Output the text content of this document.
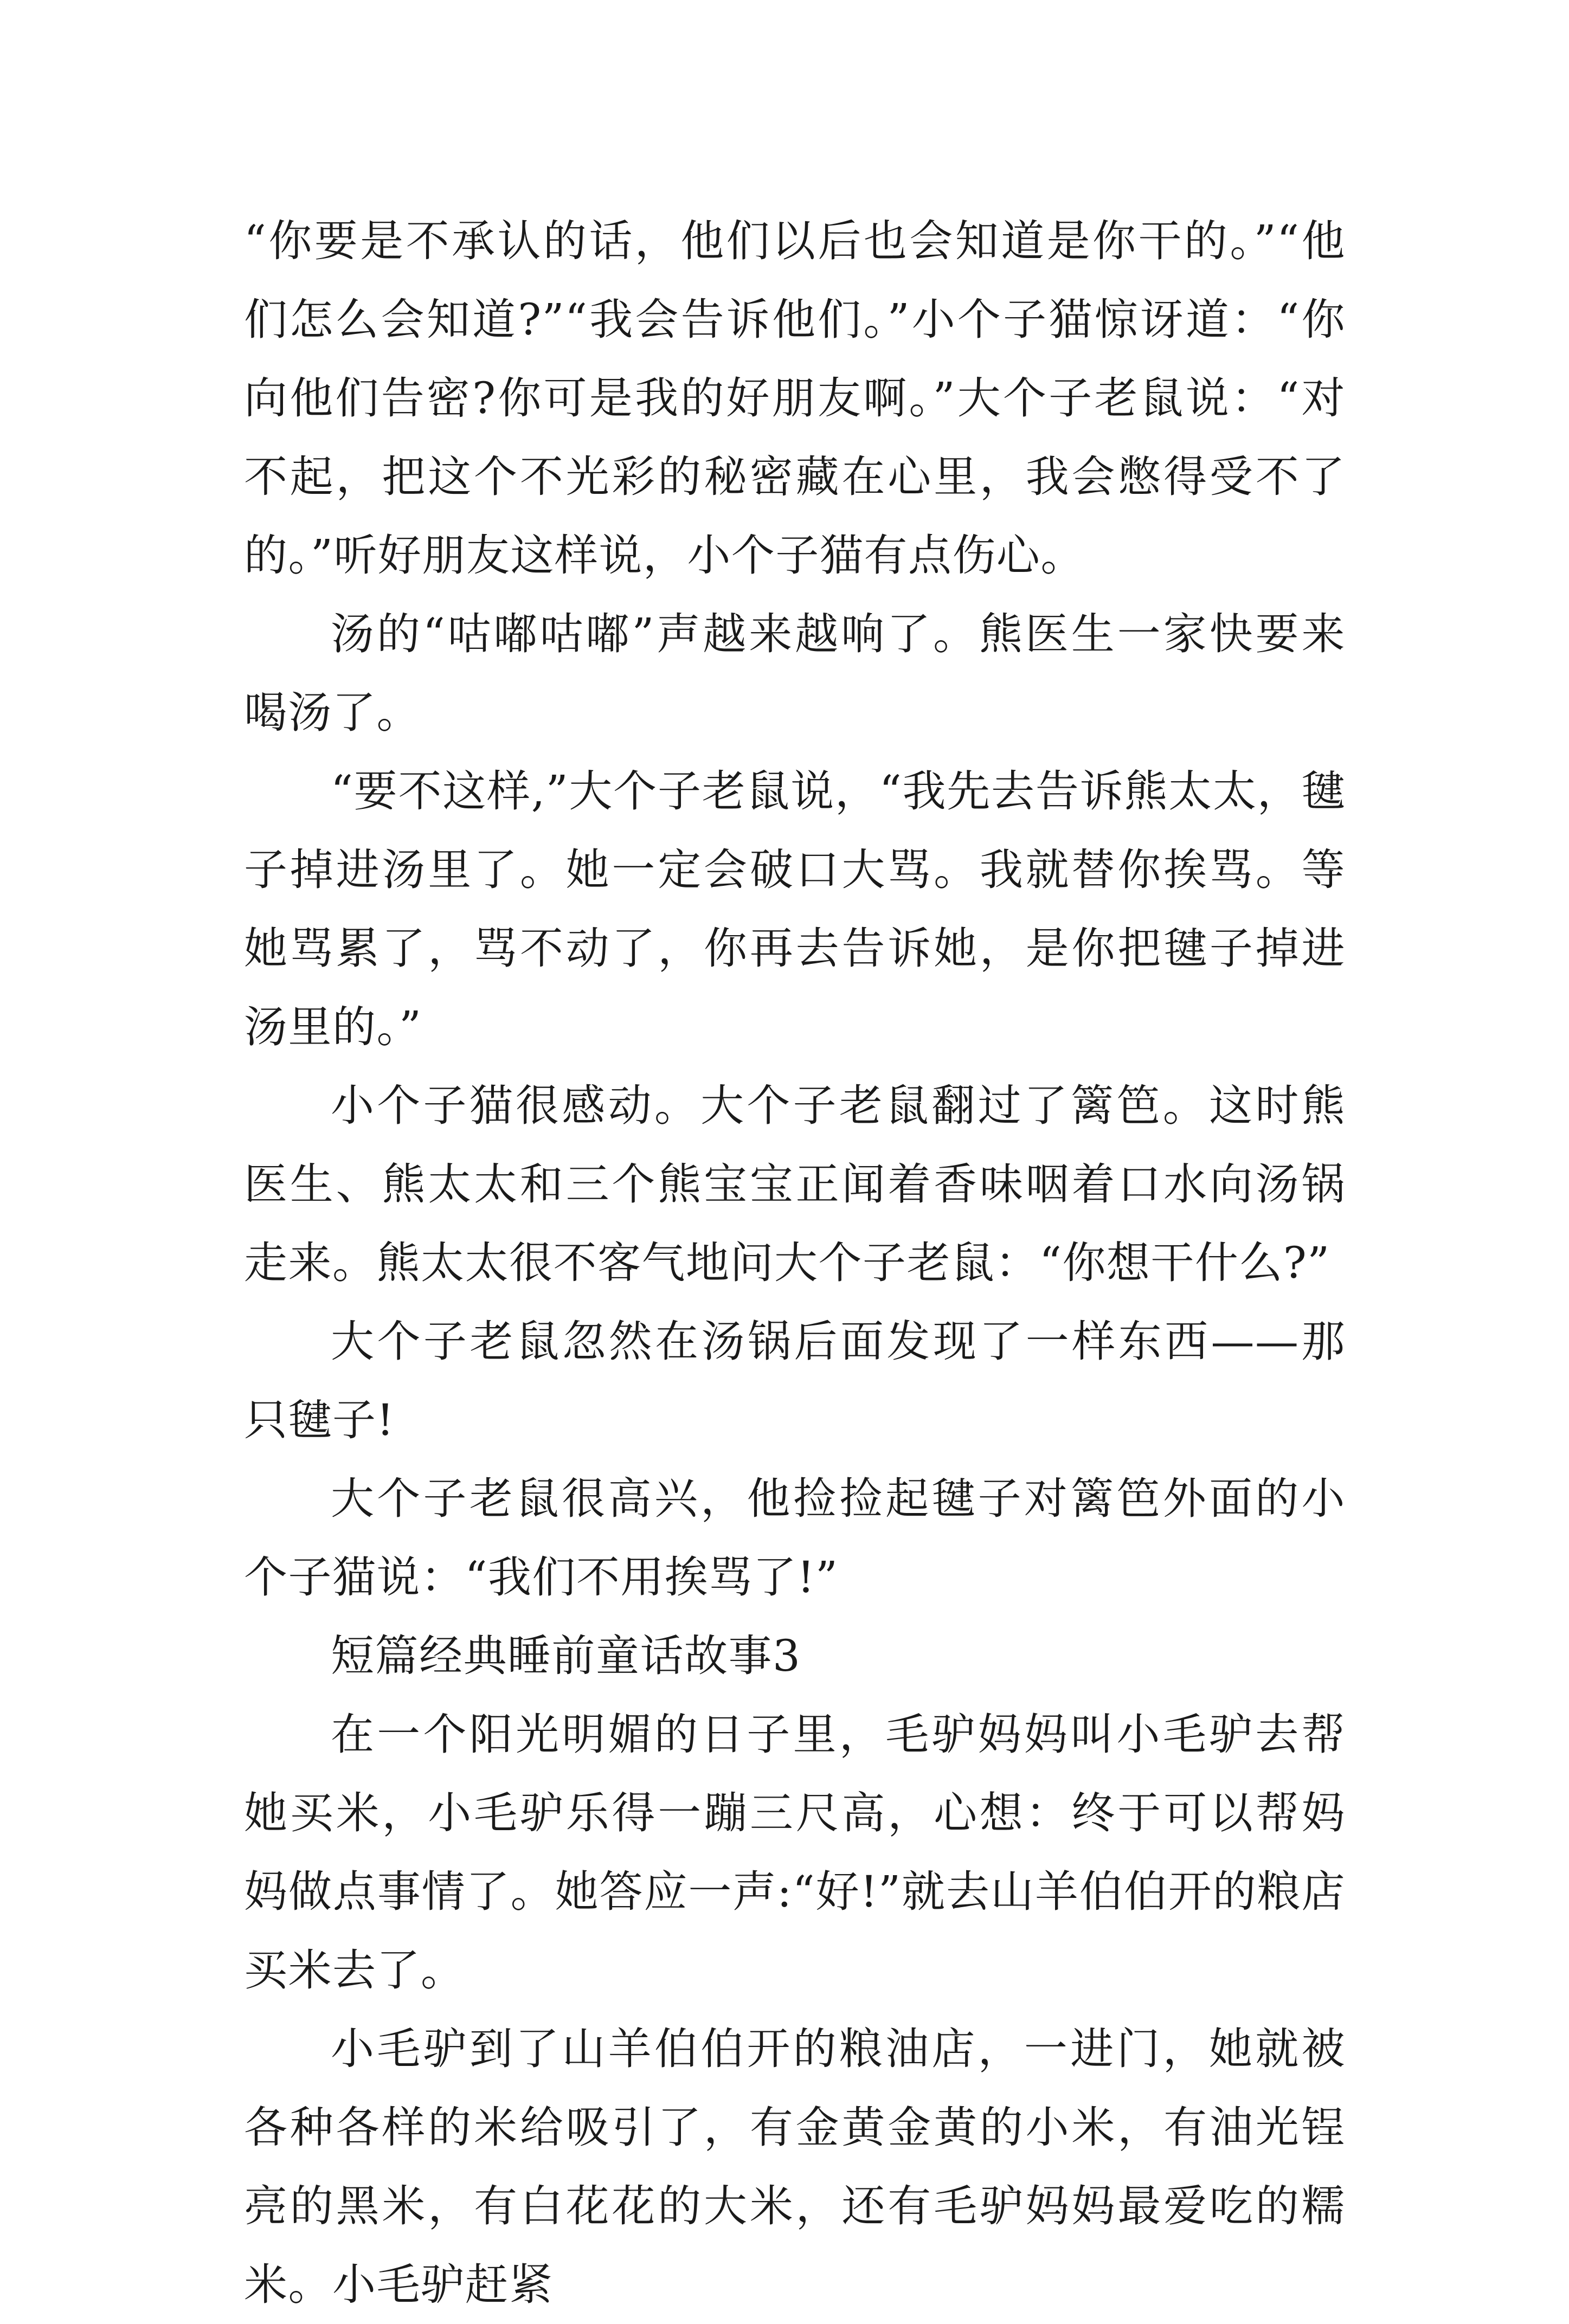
“你要是不承认的话，他们以后也会知道是你干的。”“他们怎么会知道?”“我会告诉他们。”小个子猫惊讶道：“你向他们告密?你可是我的好朋友啊。”大个子老鼠说：“对不起，把这个不光彩的秘密藏在心里，我会憋得受不了的。”听好朋友这样说，小个子猫有点伤心。

汤的“咕嘟咕嘟”声越来越响了。熊医生一家快要来喝汤了。

“要不这样,”大个子老鼠说，“我先去告诉熊太太，毽子掉进汤里了。她一定会破口大骂。我就替你挨骂。等她骂累了，骂不动了，你再去告诉她，是你把毽子掉进汤里的。”

小个子猫很感动。大个子老鼠翻过了篱笆。这时熊医生、熊太太和三个熊宝宝正闻着香味咽着口水向汤锅走来。熊太太很不客气地问大个子老鼠：“你想干什么?”

大个子老鼠忽然在汤锅后面发现了一样东西——那只毽子!

大个子老鼠很高兴，他捡捡起毽子对篱笆外面的小个子猫说：“我们不用挨骂了!”

短篇经典睡前童话故事3

在一个阳光明媚的日子里，毛驴妈妈叫小毛驴去帮她买米，小毛驴乐得一蹦三尺高，心想：终于可以帮妈妈做点事情了。她答应一声:“好!”就去山羊伯伯开的粮店买米去了。

小毛驴到了山羊伯伯开的粮油店，一进门，她就被各种各样的米给吸引了，有金黄金黄的小米，有油光锃亮的黑米，有白花花的大米，还有毛驴妈妈最爱吃的糯米。小毛驴赶紧
